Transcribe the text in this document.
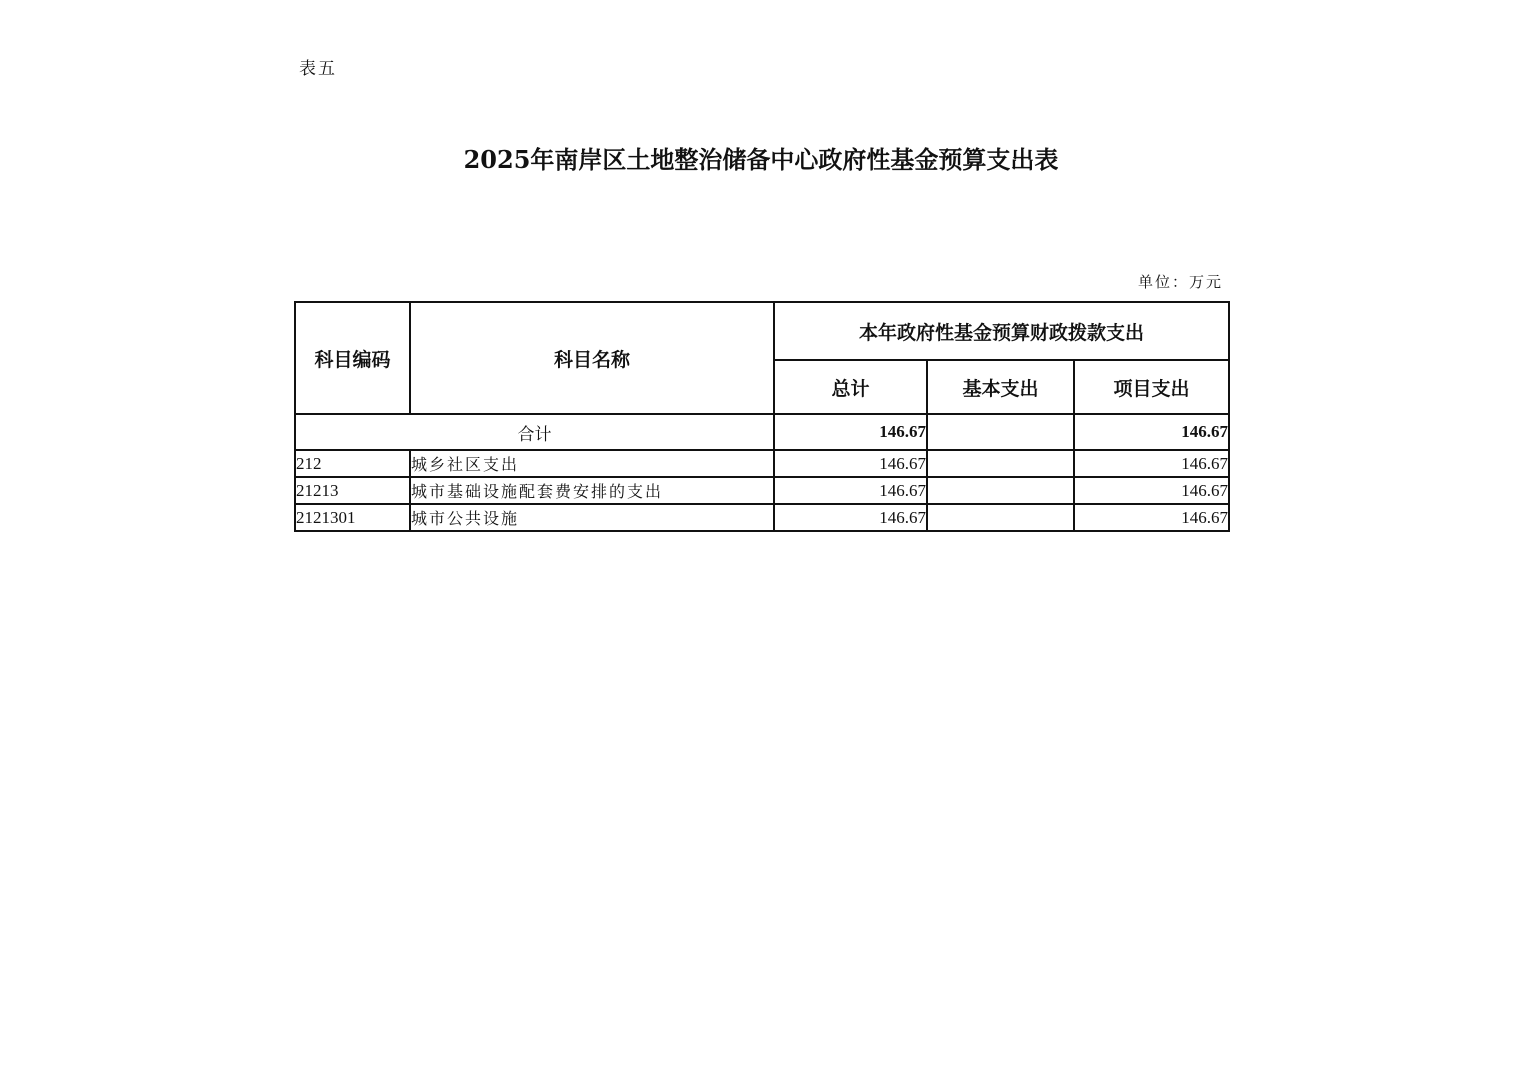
表五
2025年南岸区土地整治储备中心政府性基金预算支出表
单位：万元
科目编码	科目名称	本年政府性基金预算财政拨款支出		
		总计	基本支出	项目支出
合计		146.67		146.67
212	城乡社区支出	146.67		146.67
21213	城市基础设施配套费安排的支出	146.67		146.67
2121301	城市公共设施	146.67		146.67
